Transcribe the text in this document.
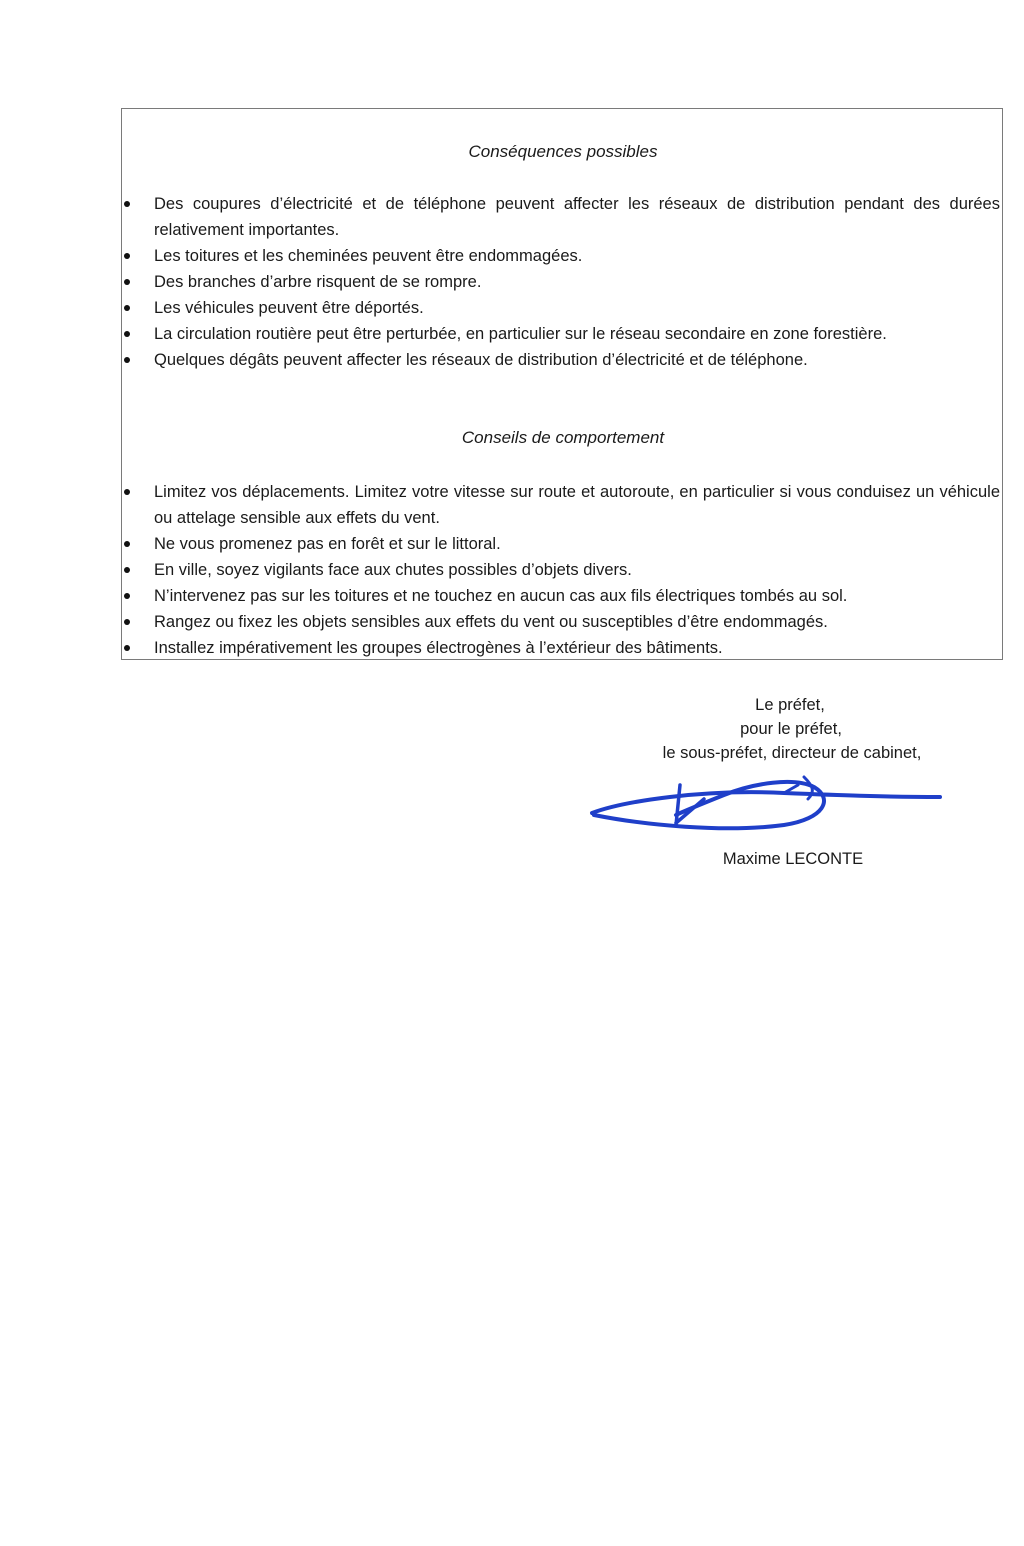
Conséquences possibles
Des coupures d’électricité et de téléphone peuvent affecter les réseaux de distribution pendant des durées relativement importantes.
Les toitures et les cheminées peuvent être endommagées.
Des branches d’arbre risquent de se rompre.
Les véhicules peuvent être déportés.
La circulation routière peut être perturbée, en particulier sur le réseau secondaire en zone forestière.
Quelques dégâts peuvent affecter les réseaux de distribution d’électricité et de téléphone.
Conseils de comportement
Limitez vos déplacements. Limitez votre vitesse sur route et autoroute, en particulier si vous conduisez un véhicule ou attelage sensible aux effets du vent.
Ne vous promenez pas en forêt et sur le littoral.
En ville, soyez vigilants face aux chutes possibles d’objets divers.
N’intervenez pas sur les toitures et ne touchez en aucun cas aux fils électriques tombés au sol.
Rangez ou fixez les objets sensibles aux effets du vent ou susceptibles d’être endommagés.
Installez impérativement les groupes électrogènes à l’extérieur des bâtiments.
Le préfet,
pour le préfet,
le sous-préfet, directeur de cabinet,
Maxime LECONTE
